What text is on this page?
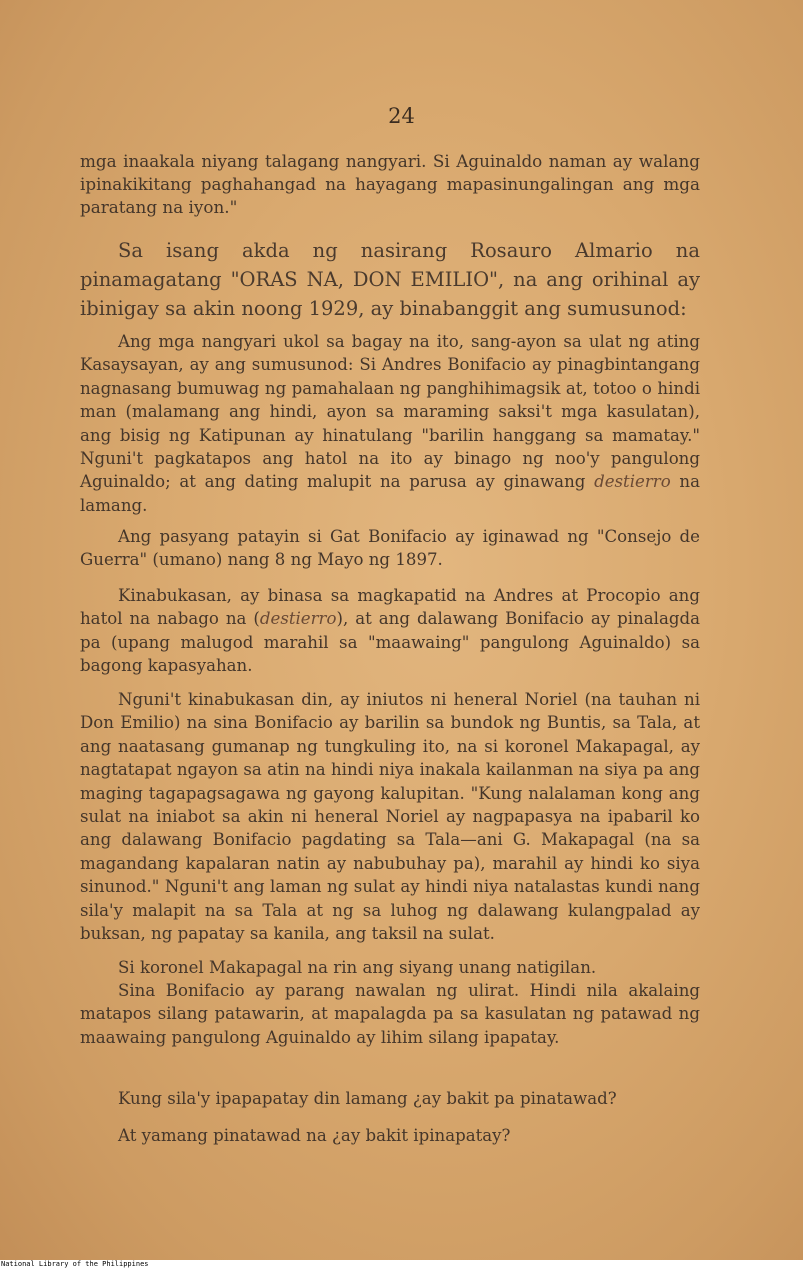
24

mga inaakala niyang talagang nangyari. Si Aguinaldo naman ay walang ipinakikitang paghahangad na hayagang mapasinungalingan ang mga paratang na iyon."

Sa isang akda ng nasirang Rosauro Almario na pinamagatang "ORAS NA, DON EMILIO", na ang orihinal ay ibinigay sa akin noong 1929, ay binabanggit ang sumusunod:

Ang mga nangyari ukol sa bagay na ito, sang-ayon sa ulat ng ating Kasaysayan, ay ang sumusunod: Si Andres Bonifacio ay pinagbintangang nagnasang bumuwag ng pamahalaan ng panghihimagsik at, totoo o hindi man (malamang ang hindi, ayon sa maraming saksi't mga kasulatan), ang bisig ng Katipunan ay hinatulang "barilin hanggang sa mamatay." Nguni't pagkatapos ang hatol na ito ay binago ng noo'y pangulong Aguinaldo; at ang dating malupit na parusa ay ginawang destierro na lamang.

Ang pasyang patayin si Gat Bonifacio ay iginawad ng "Consejo de Guerra" (umano) nang 8 ng Mayo ng 1897.

Kinabukasan, ay binasa sa magkapatid na Andres at Procopio ang hatol na nabago na (destierro), at ang dalawang Bonifacio ay pinalagda pa (upang malugod marahil sa "maawaing" pangulong Aguinaldo) sa bagong kapasyahan.

Nguni't kinabukasan din, ay iniutos ni heneral Noriel (na tauhan ni Don Emilio) na sina Bonifacio ay barilin sa bundok ng Buntis, sa Tala, at ang naatasang gumanap ng tungkuling ito, na si koronel Makapagal, ay nagtatapat ngayon sa atin na hindi niya inakala kailanman na siya pa ang maging tagapagsagawa ng gayong kalupitan. "Kung nalalaman kong ang sulat na iniabot sa akin ni heneral Noriel ay nagpapasya na ipabaril ko ang dalawang Bonifacio pagdating sa Tala—ani G. Makapagal (na sa magandang kapalaran natin ay nabubuhay pa), marahil ay hindi ko siya sinunod." Nguni't ang laman ng sulat ay hindi niya natalastas kundi nang sila'y malapit na sa Tala at ng sa luhog ng dalawang kulangpalad ay buksan, ng papatay sa kanila, ang taksil na sulat.

Si koronel Makapagal na rin ang siyang unang natigilan.

Sina Bonifacio ay parang nawalan ng ulirat. Hindi nila akalaing matapos silang patawarin, at mapalagda pa sa kasulatan ng patawad ng maawaing pangulong Aguinaldo ay lihim silang ipapatay.

Kung sila'y ipapapatay din lamang ¿ay bakit pa pinatawad?

At yamang pinatawad na ¿ay bakit ipinapatay?

National Library of the Philippines
